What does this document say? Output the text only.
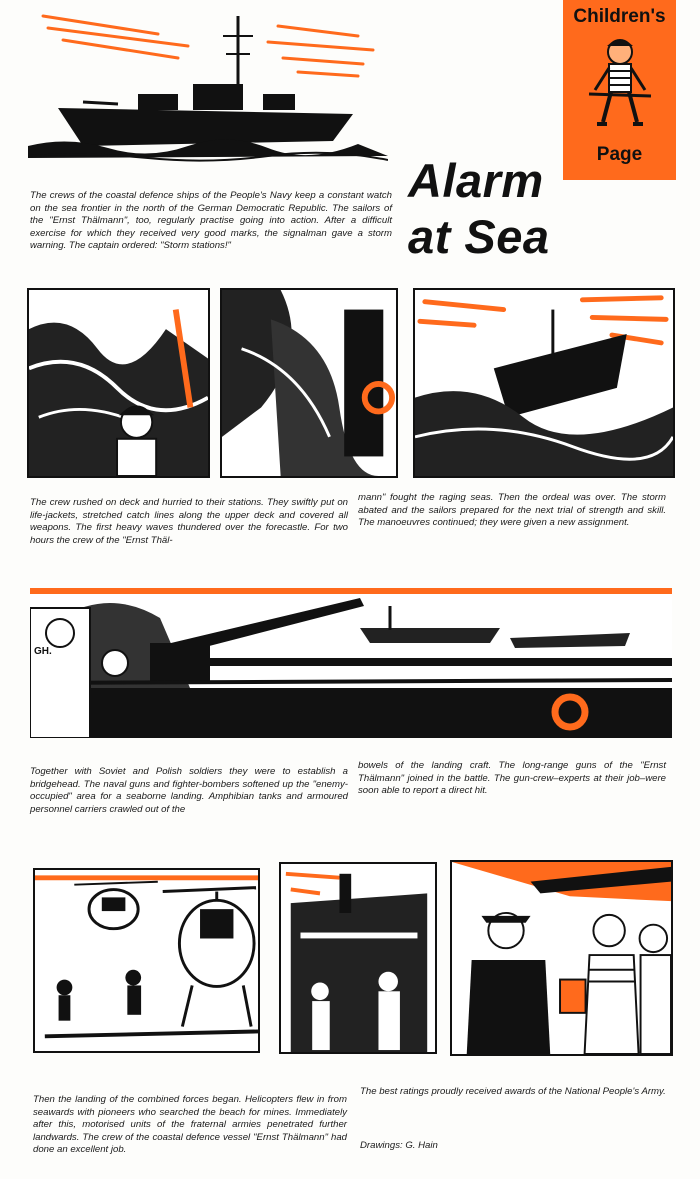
Children's
Page
Alarm
at Sea

The crews of the coastal defence ships of the People's Navy keep a constant watch on the sea frontier in the north of the German Democratic Republic. The sailors of the "Ernst Thälmann", too, regularly practise going into action. After a difficult exercise for which they received very good marks, the signalman gave a storm warning. The captain ordered: "Storm stations!"

The crew rushed on deck and hurried to their stations. They swiftly put on life-jackets, stretched catch lines along the upper deck and covered all weapons. The first heavy waves thundered over the forecastle. For two hours the crew of the "Ernst Thäl-

mann" fought the raging seas. Then the ordeal was over. The storm abated and the sailors prepared for the next trial of strength and skill. The manoeuvres continued; they were given a new assignment.

GH.

Together with Soviet and Polish soldiers they were to establish a bridgehead. The naval guns and fighter-bombers softened up the "enemy-occupied" area for a seaborne landing. Amphibian tanks and armoured personnel carriers crawled out of the

bowels of the landing craft. The long-range guns of the "Ernst Thälmann" joined in the battle. The gun-crew–experts at their job–were soon able to report a direct hit.

Then the landing of the combined forces began. Helicopters flew in from seawards with pioneers who searched the beach for mines. Immediately after this, motorised units of the fraternal armies penetrated further landwards. The crew of the coastal defence vessel "Ernst Thälmann" had done an excellent job.

The best ratings proudly received awards of the National People's Army.

Drawings: G. Hain
